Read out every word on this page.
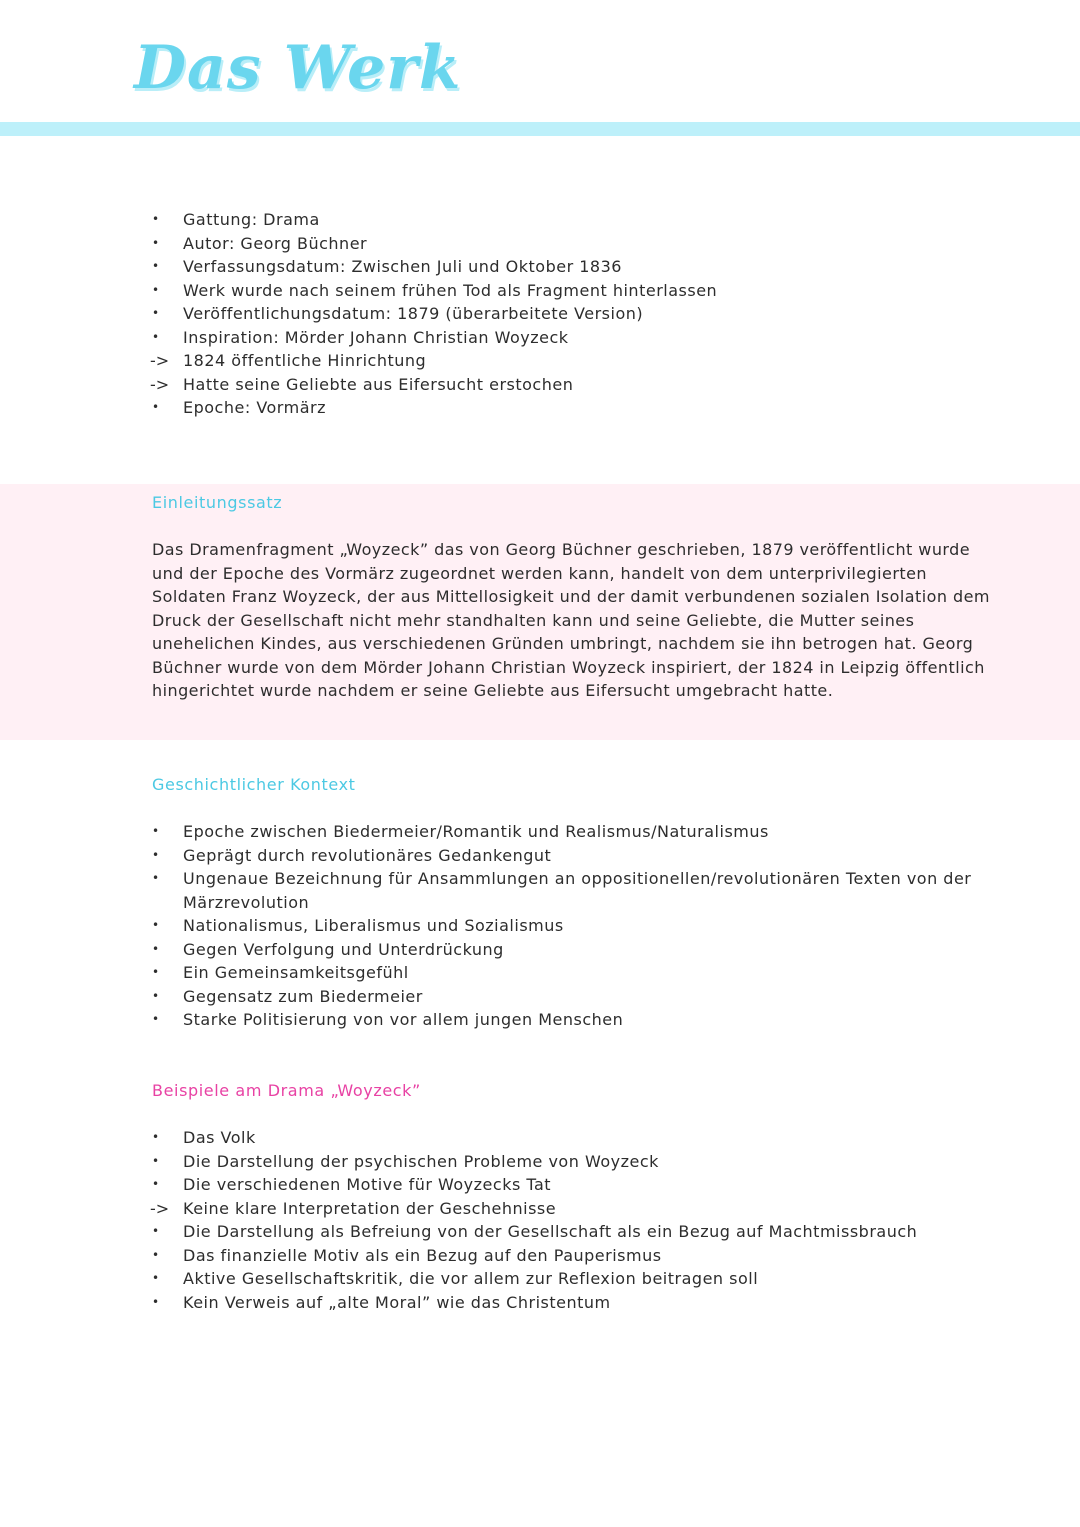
Das Werk
•	Gattung: Drama
•	Autor: Georg Büchner
•	Verfassungsdatum: Zwischen Juli und Oktober 1836
•	Werk wurde nach seinem frühen Tod als Fragment hinterlassen
•	Veröffentlichungsdatum: 1879 (überarbeitete Version)
•	Inspiration: Mörder Johann Christian Woyzeck
-> 1824 öffentliche Hinrichtung
-> Hatte seine Geliebte aus Eifersucht erstochen
•	Epoche: Vormärz
Einleitungssatz

Das Dramenfragment „Woyzeck” das von Georg Büchner geschrieben, 1879 veröffentlicht wurde und der Epoche des Vormärz zugeordnet werden kann, handelt von dem unterprivilegierten Soldaten Franz Woyzeck, der aus Mittellosigkeit und der damit verbundenen sozialen Isolation dem Druck der Gesellschaft nicht mehr standhalten kann und seine Geliebte, die Mutter seines unehelichen Kindes, aus verschiedenen Gründen umbringt, nachdem sie ihn betrogen hat. Georg Büchner wurde von dem Mörder Johann Christian Woyzeck inspiriert, der 1824 in Leipzig öffentlich hingerichtet wurde nachdem er seine Geliebte aus Eifersucht umgebracht hatte.

Geschichtlicher Kontext
•	Epoche zwischen Biedermeier/Romantik und Realismus/Naturalismus
•	Geprägt durch revolutionäres Gedankengut
•	Ungenaue Bezeichnung für Ansammlungen an oppositionellen/revolutionären Texten von der Märzrevolution
•	Nationalismus, Liberalismus und Sozialismus
•	Gegen Verfolgung und Unterdrückung
•	Ein Gemeinsamkeitsgefühl
•	Gegensatz zum Biedermeier
•	Starke Politisierung von vor allem jungen Menschen
Beispiele am Drama „Woyzeck”
•	Das Volk
•	Die Darstellung der psychischen Probleme von Woyzeck
•	Die verschiedenen Motive für Woyzecks Tat
-> Keine klare Interpretation der Geschehnisse
•	Die Darstellung als Befreiung von der Gesellschaft als ein Bezug auf Machtmissbrauch
•	Das finanzielle Motiv als ein Bezug auf den Pauperismus
•	Aktive Gesellschaftskritik, die vor allem zur Reflexion beitragen soll
•	Kein Verweis auf „alte Moral” wie das Christentum
